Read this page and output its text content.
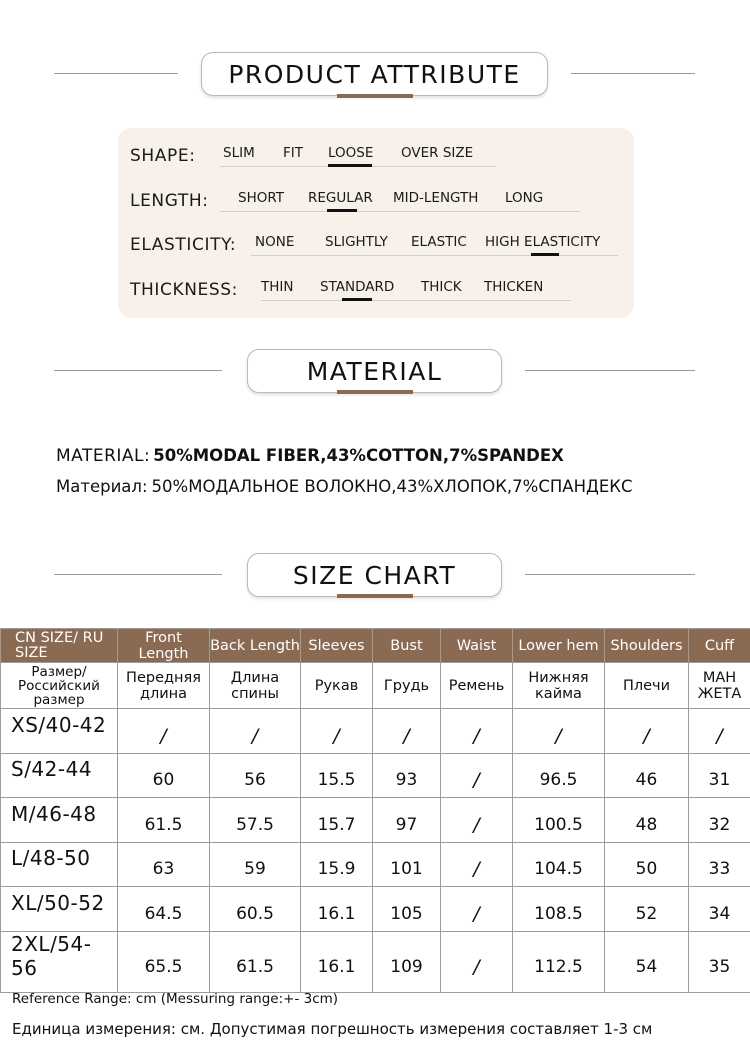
PRODUCT ATTRIBUTE
SHAPE: SLIM FIT LOOSE OVER SIZE
LENGTH: SHORT REGULAR MID-LENGTH LONG
ELASTICITY: NONE SLIGHTLY ELASTIC HIGH ELASTICITY
THICKNESS: THIN STANDARD THICK THICKEN
MATERIAL
MATERIAL: 50%MODAL FIBER,43%COTTON,7%SPANDEX
Материал: 50%МОДАЛЬНОЕ ВОЛОКНО,43%ХЛОПОК,7%СПАНДЕКС
SIZE CHART
CN SIZE/ RU SIZE	Front Length	Back Length	Sleeves	Bust	Waist	Lower hem	Shoulders	Cuff
Размер/ Российский размер	Передняя длина	Длина спины	Рукав	Грудь	Ремень	Нижняя кайма	Плечи	МАН ЖЕТА
XS/40-42	/	/	/	/	/	/	/	/
S/42-44	60	56	15.5	93	/	96.5	46	31
M/46-48	61.5	57.5	15.7	97	/	100.5	48	32
L/48-50	63	59	15.9	101	/	104.5	50	33
XL/50-52	64.5	60.5	16.1	105	/	108.5	52	34
2XL/54-56	65.5	61.5	16.1	109	/	112.5	54	35
Reference Range: cm (Messuring range:+- 3cm)
Единица измерения: см. Допустимая погрешность измерения составляет 1-3 см
